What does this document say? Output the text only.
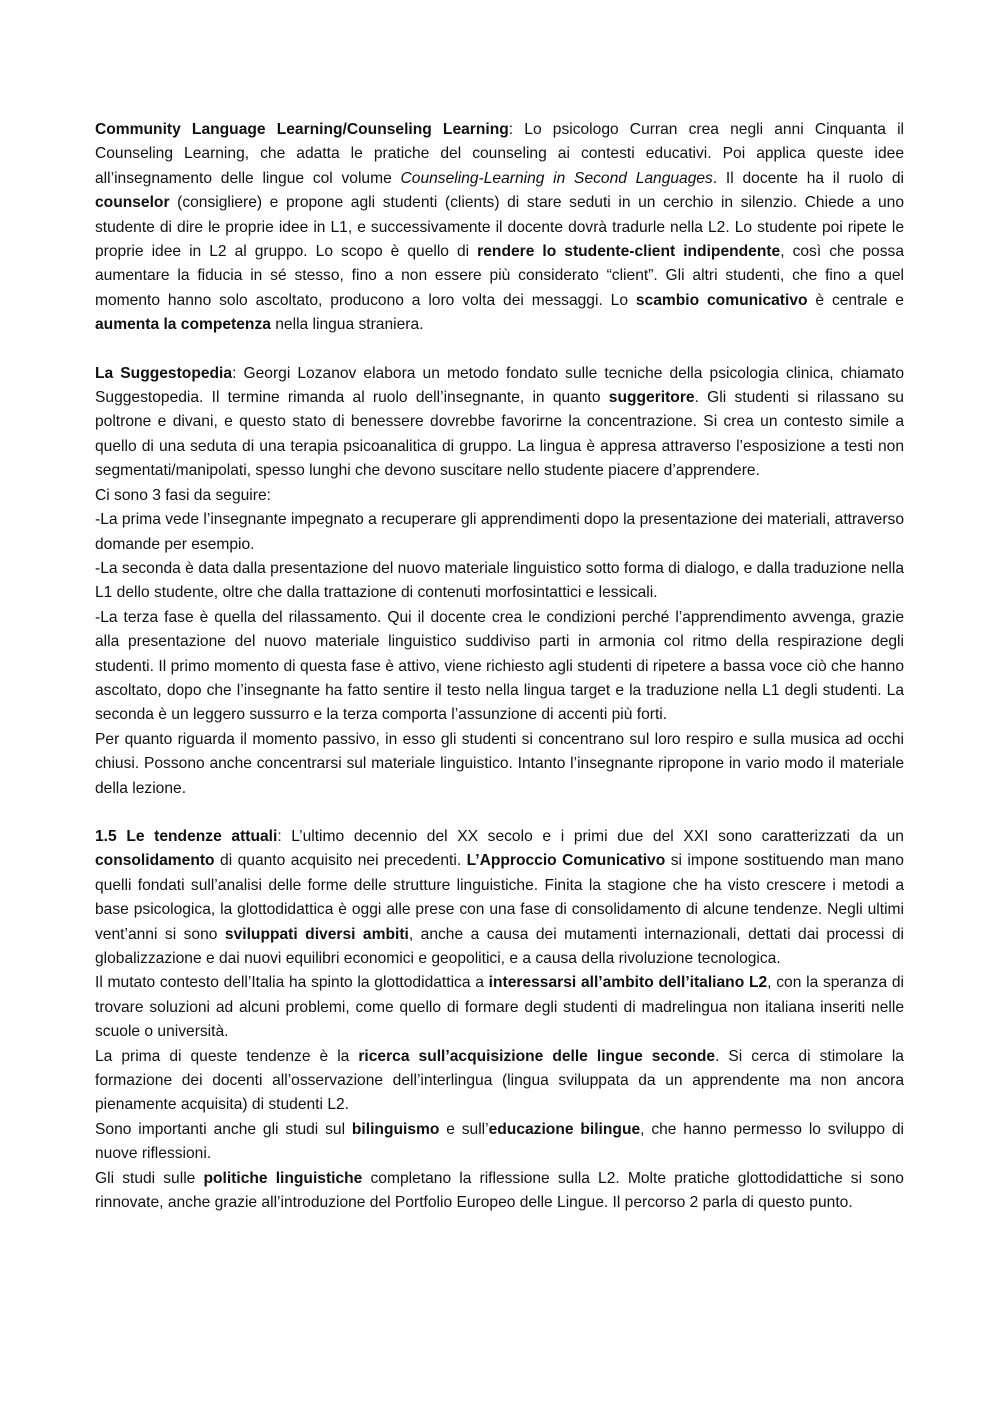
Community Language Learning/Counseling Learning: Lo psicologo Curran crea negli anni Cinquanta il Counseling Learning, che adatta le pratiche del counseling ai contesti educativi. Poi applica queste idee all’insegnamento delle lingue col volume Counseling-Learning in Second Languages. Il docente ha il ruolo di counselor (consigliere) e propone agli studenti (clients) di stare seduti in un cerchio in silenzio. Chiede a uno studente di dire le proprie idee in L1, e successivamente il docente dovrà tradurle nella L2. Lo studente poi ripete le proprie idee in L2 al gruppo. Lo scopo è quello di rendere lo studente-client indipendente, così che possa aumentare la fiducia in sé stesso, fino a non essere più considerato “client”. Gli altri studenti, che fino a quel momento hanno solo ascoltato, producono a loro volta dei messaggi. Lo scambio comunicativo è centrale e aumenta la competenza nella lingua straniera.

La Suggestopedia: Georgi Lozanov elabora un metodo fondato sulle tecniche della psicologia clinica, chiamato Suggestopedia. Il termine rimanda al ruolo dell’insegnante, in quanto suggeritore. Gli studenti si rilassano su poltrone e divani, e questo stato di benessere dovrebbe favorirne la concentrazione. Si crea un contesto simile a quello di una seduta di una terapia psicoanalitica di gruppo. La lingua è appresa attraverso l’esposizione a testi non segmentati/manipolati, spesso lunghi che devono suscitare nello studente piacere d’apprendere.

Ci sono 3 fasi da seguire:

-La prima vede l’insegnante impegnato a recuperare gli apprendimenti dopo la presentazione dei materiali, attraverso domande per esempio.

-La seconda è data dalla presentazione del nuovo materiale linguistico sotto forma di dialogo, e dalla traduzione nella L1 dello studente, oltre che dalla trattazione di contenuti morfosintattici e lessicali.

-La terza fase è quella del rilassamento. Qui il docente crea le condizioni perché l’apprendimento avvenga, grazie alla presentazione del nuovo materiale linguistico suddiviso parti in armonia col ritmo della respirazione degli studenti. Il primo momento di questa fase è attivo, viene richiesto agli studenti di ripetere a bassa voce ciò che hanno ascoltato, dopo che l’insegnante ha fatto sentire il testo nella lingua target e la traduzione nella L1 degli studenti. La seconda è un leggero sussurro e la terza comporta l’assunzione di accenti più forti.

Per quanto riguarda il momento passivo, in esso gli studenti si concentrano sul loro respiro e sulla musica ad occhi chiusi. Possono anche concentrarsi sul materiale linguistico. Intanto l’insegnante ripropone in vario modo il materiale della lezione.

1.5 Le tendenze attuali: L’ultimo decennio del XX secolo e i primi due del XXI sono caratterizzati da un consolidamento di quanto acquisito nei precedenti. L’Approccio Comunicativo si impone sostituendo man mano quelli fondati sull’analisi delle forme delle strutture linguistiche. Finita la stagione che ha visto crescere i metodi a base psicologica, la glottodidattica è oggi alle prese con una fase di consolidamento di alcune tendenze. Negli ultimi vent’anni si sono sviluppati diversi ambiti, anche a causa dei mutamenti internazionali, dettati dai processi di globalizzazione e dai nuovi equilibri economici e geopolitici, e a causa della rivoluzione tecnologica.

Il mutato contesto dell’Italia ha spinto la glottodidattica a interessarsi all’ambito dell’italiano L2, con la speranza di trovare soluzioni ad alcuni problemi, come quello di formare degli studenti di madrelingua non italiana inseriti nelle scuole o università.

La prima di queste tendenze è la ricerca sull’acquisizione delle lingue seconde. Si cerca di stimolare la formazione dei docenti all’osservazione dell’interlingua (lingua sviluppata da un apprendente ma non ancora pienamente acquisita) di studenti L2.

Sono importanti anche gli studi sul bilinguismo e sull’educazione bilingue, che hanno permesso lo sviluppo di nuove riflessioni.

Gli studi sulle politiche linguistiche completano la riflessione sulla L2. Molte pratiche glottodidattiche si sono rinnovate, anche grazie all’introduzione del Portfolio Europeo delle Lingue. Il percorso 2 parla di questo punto.
